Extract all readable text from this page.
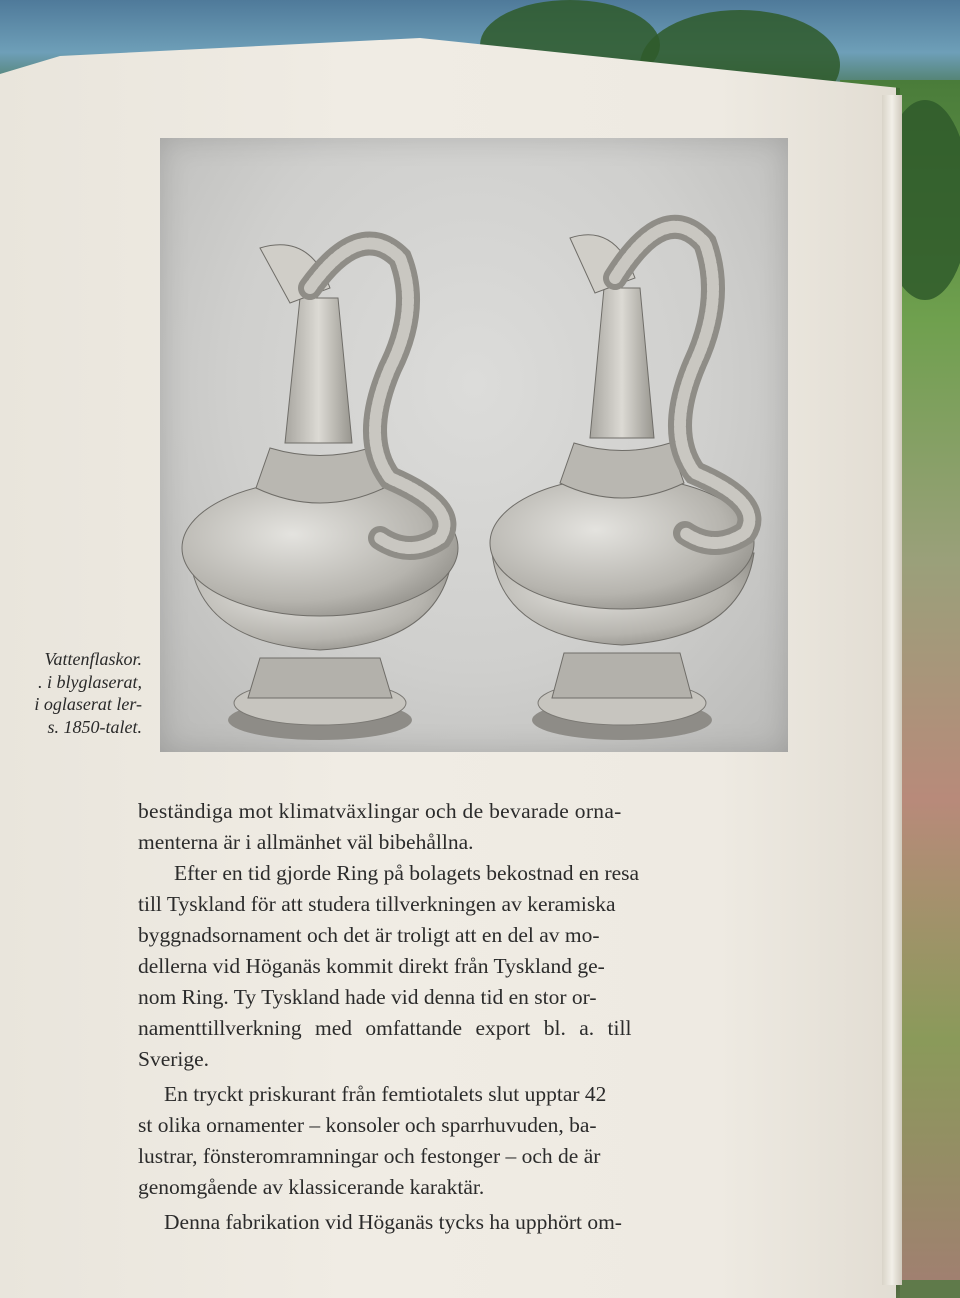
Vattenflaskor.
. i blyglaserat,
i oglaserat ler-
s. 1850-talet.
beständiga mot klimatväxlingar och de bevarade orna-
menterna är i allmänhet väl bibehållna.
Efter en tid gjorde Ring på bolagets bekostnad en resa
till Tyskland för att studera tillverkningen av keramiska
byggnadsornament och det är troligt att en del av mo-
dellerna vid Höganäs kommit direkt från Tyskland ge-
nom Ring. Ty Tyskland hade vid denna tid en stor or-
namenttillverkning med omfattande export bl. a. till
Sverige.
En tryckt priskurant från femtiotalets slut upptar 42
st olika ornamenter – konsoler och sparrhuvuden, ba-
lustrar, fönsteromramningar och festonger – och de är
genomgående av klassicerande karaktär.
Denna fabrikation vid Höganäs tycks ha upphört om-
